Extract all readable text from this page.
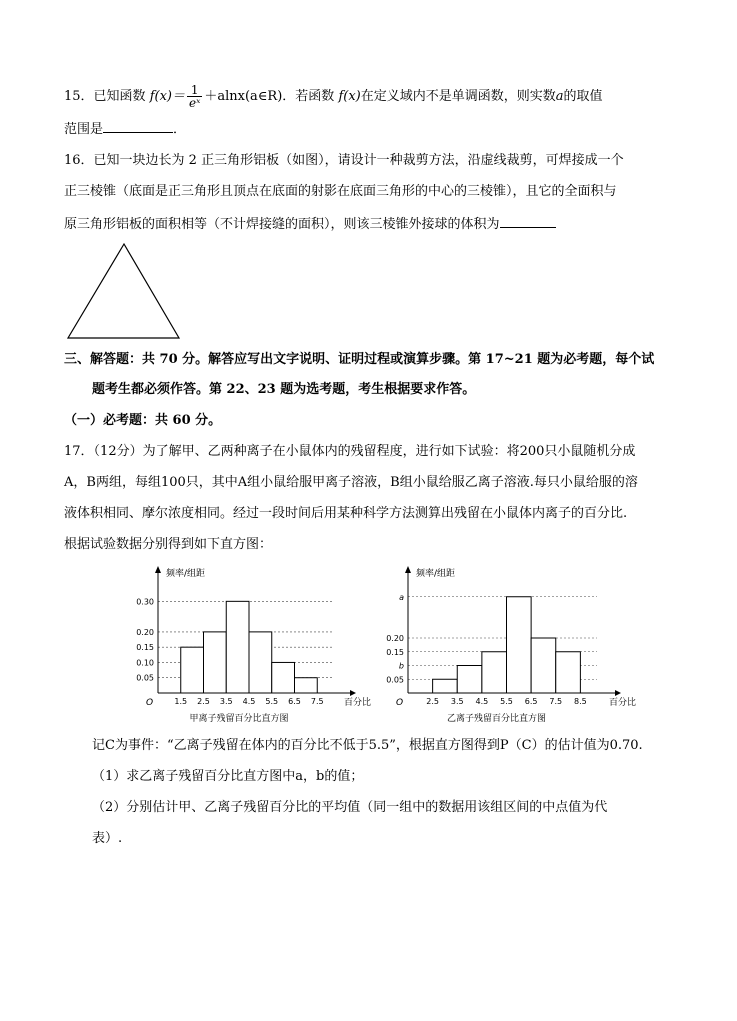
15．已知函数 $f(x)= \frac{1}{\text{eˣ}}$ ＋alnx(a∈R)．若函数 f(x)在定义域内不是单调函数，则实数a的取值
范围是	．
16．已知一块边长为 2 正三角形铝板（如图），请设计一种裁剪方法，沿虚线裁剪，可焊接成一个
正三棱锥（底面是正三角形且顶点在底面的射影在底面三角形的中心的三棱锥），且它的全面积与
原三角形铝板的面积相等（不计焊接缝的面积），则该三棱锥外接球的体积为
三、解答题：共 70 分。解答应写出文字说明、证明过程或演算步骤。第 17~21 题为必考题，每个试
题考生都必须作答。第 22、23 题为选考题，考生根据要求作答。
（一）必考题：共 60 分。
17．（12分）为了解甲、乙两种离子在小鼠体内的残留程度，进行如下试验：将200只小鼠随机分成
A，B两组，每组100只，其中A组小鼠给服甲离子溶液，B组小鼠给服乙离子溶液.每只小鼠给服的溶
液体积相同、摩尔浓度相同。经过一段时间后用某种科学方法测算出残留在小鼠体内离子的百分比.
根据试验数据分别得到如下直方图：
0.05
0.10
0.15
0.20
0.30
1.5 2.5 3.5 4.5 5.5 6.5 7.5
O	百分比
频率/组距
甲离子残留百分比直方图
0.05
b
0.15
0.20
a
2.5 3.5 4.5 5.5 6.5 7.5 8.5
O	百分比
频率/组距
乙离子残留百分比直方图
记C为事件：“乙离子残留在体内的百分比不低于5.5”，根据直方图得到P（C）的估计值为0.70.
（1）求乙离子残留百分比直方图中a，b的值；
（2）分别估计甲、乙离子残留百分比的平均值（同一组中的数据用该组区间的中点值为代
表）.
